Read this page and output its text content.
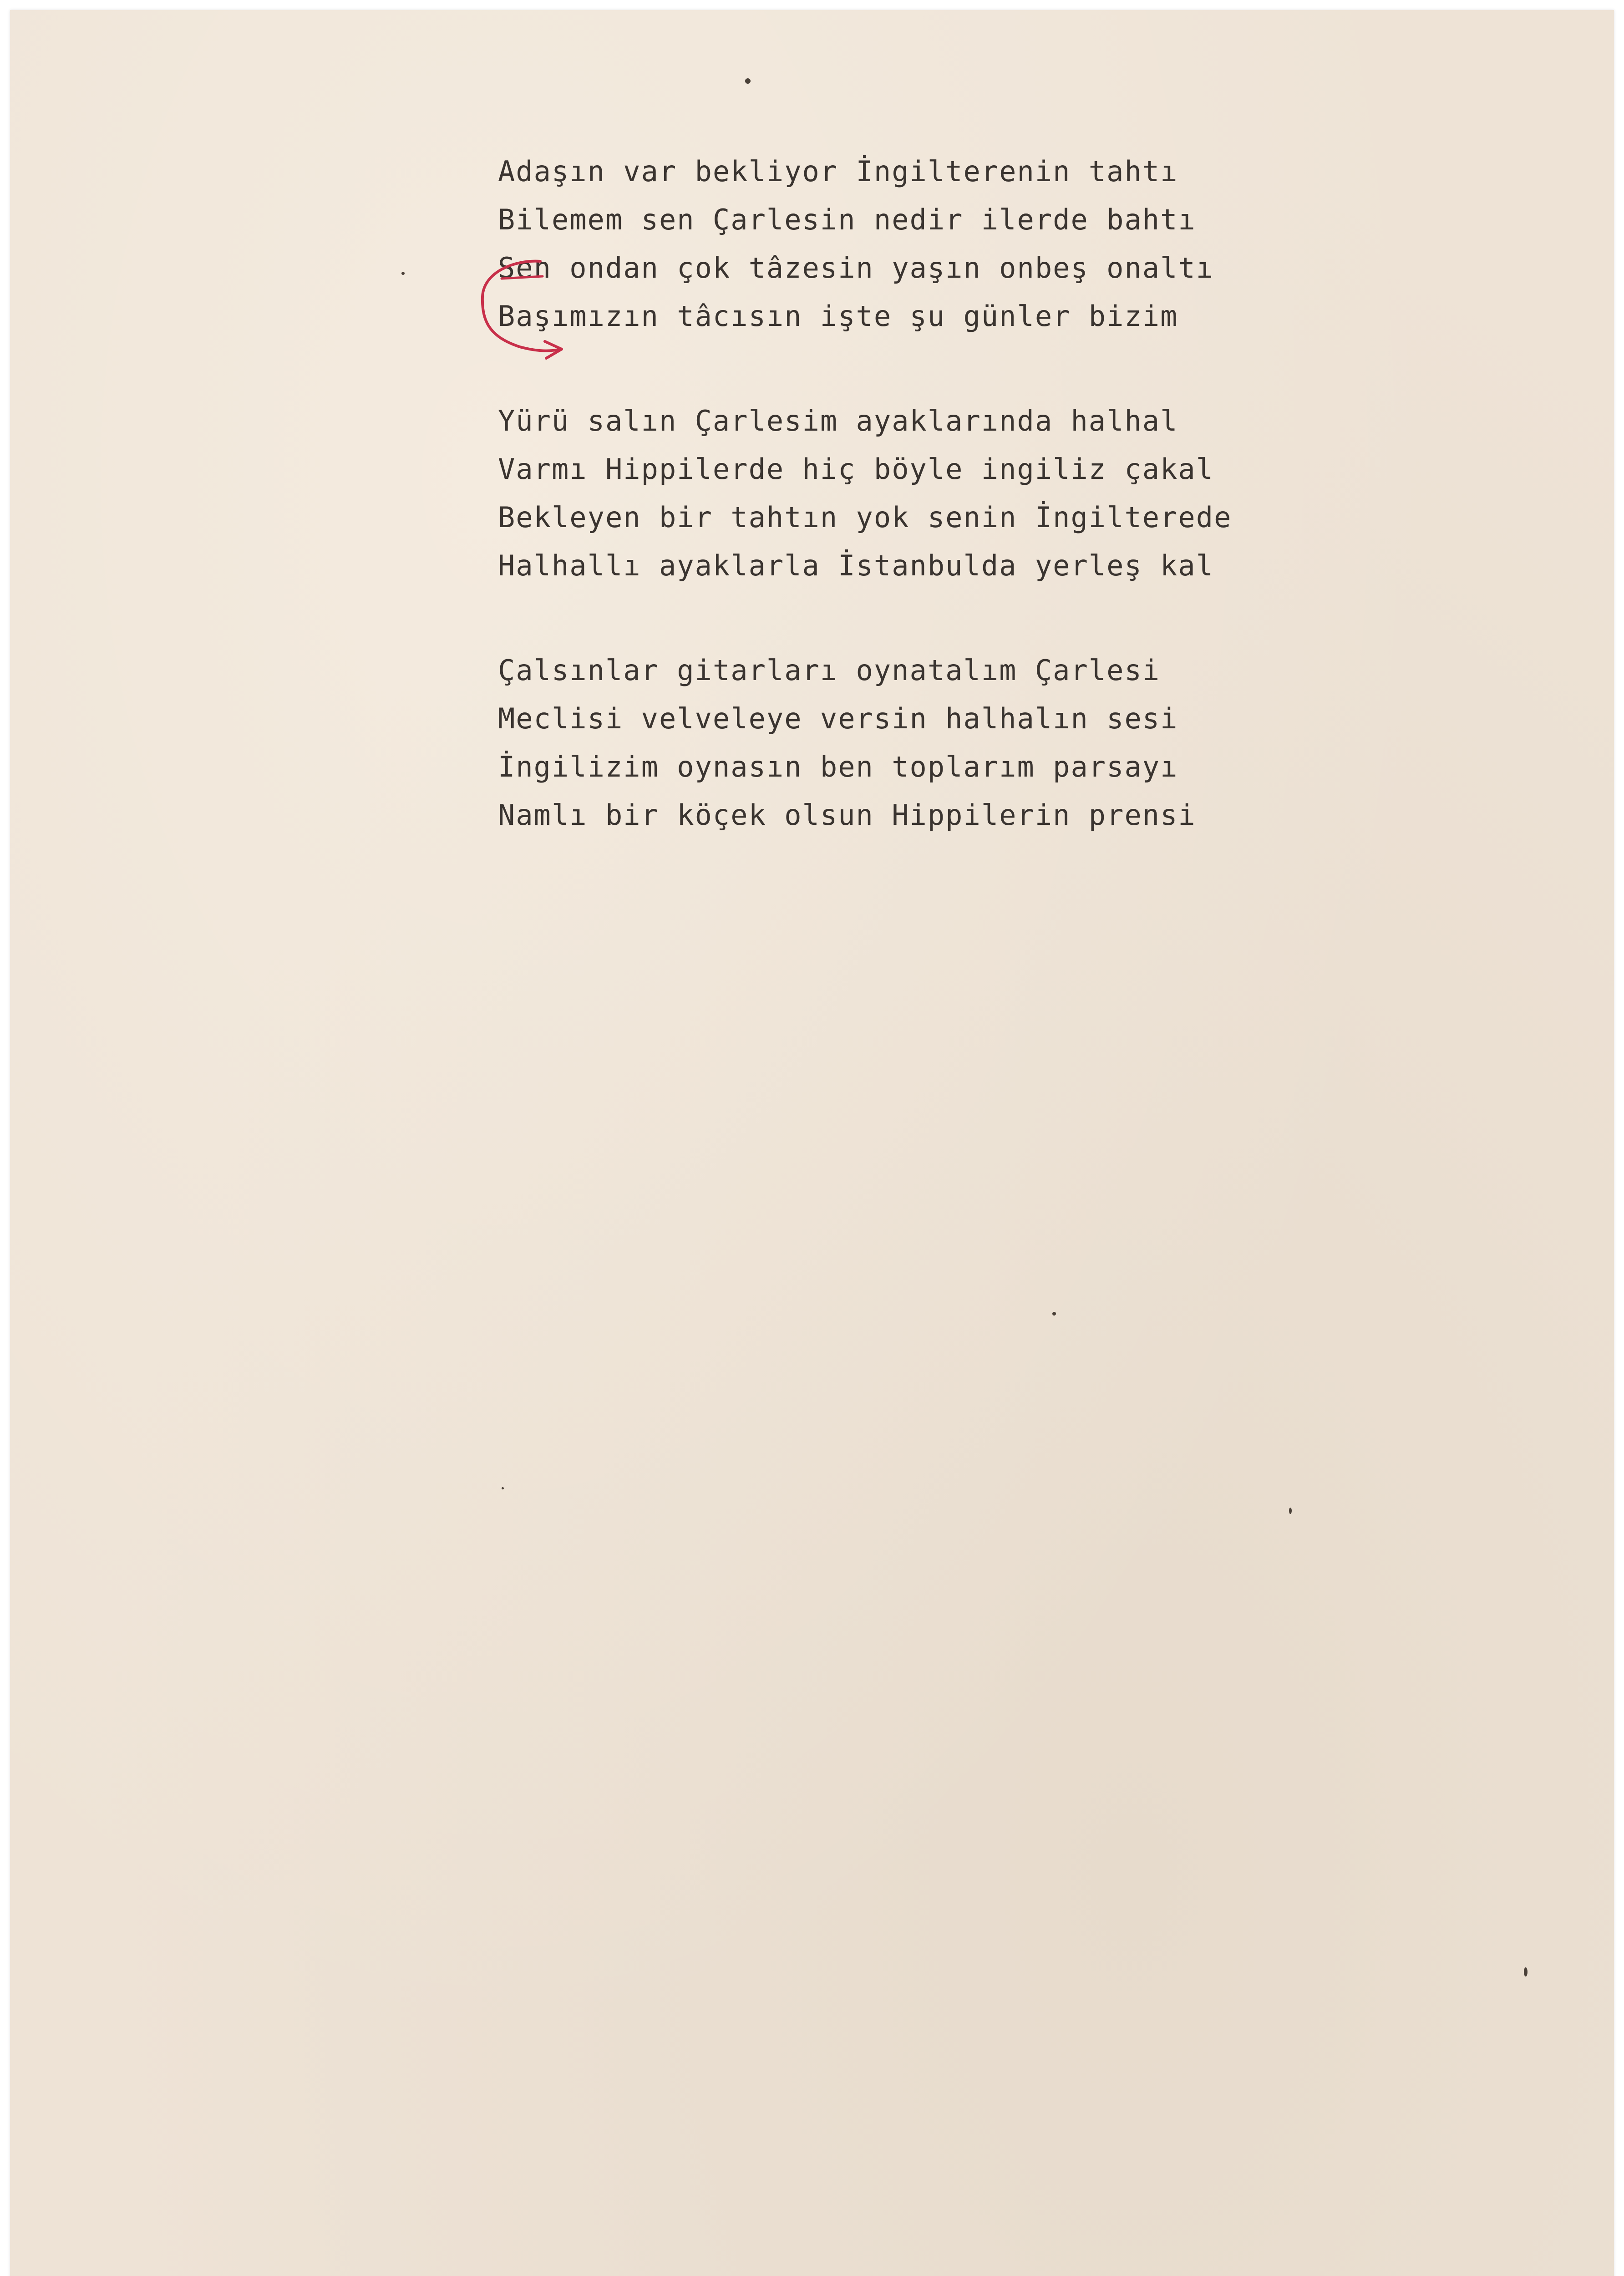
Adaşın var bekliyor İngilterenin tahtı
Bilemem sen Çarlesin nedir ilerde bahtı
Sen ondan çok tâzesin yaşın onbeş onaltı
Başımızın tâcısın işte şu günler bizim
Yürü salın Çarlesim ayaklarında halhal
Varmı Hippilerde hiç böyle ingiliz çakal
Bekleyen bir tahtın yok senin İngilterede
Halhallı ayaklarla İstanbulda yerleş kal
Çalsınlar gitarları oynatalım Çarlesi
Meclisi velveleye versin halhalın sesi
İngilizim oynasın ben toplarım parsayı
Namlı bir köçek olsun Hippilerin prensi
